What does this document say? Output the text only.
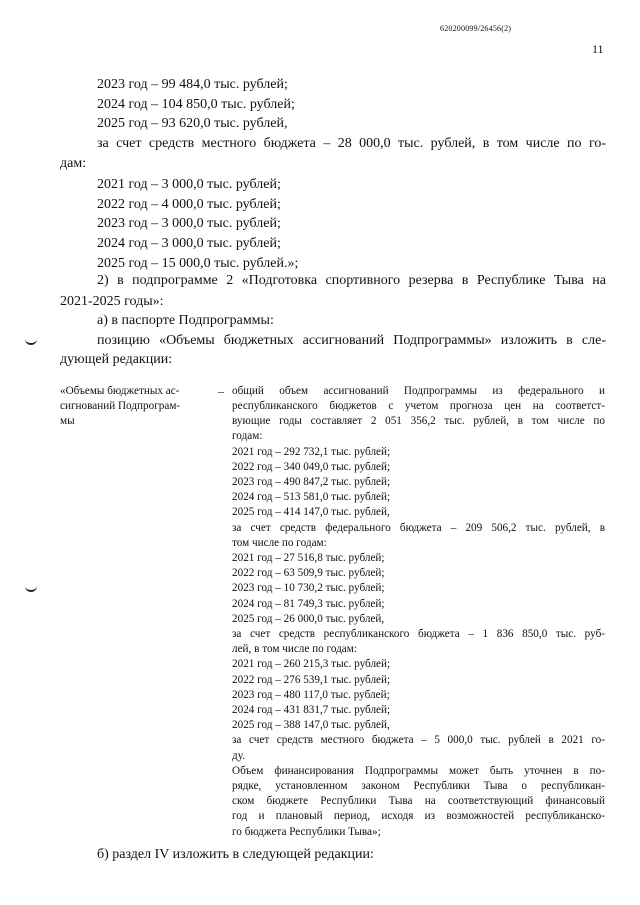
620200099/26456(2)
11
2023 год – 99 484,0 тыс. рублей;
2024 год – 104 850,0 тыс. рублей;
2025 год – 93 620,0 тыс. рублей,
за счет средств местного бюджета – 28 000,0 тыс. рублей, в том числе по го-
дам:
2021 год – 3 000,0 тыс. рублей;
2022 год – 4 000,0 тыс. рублей;
2023 год – 3 000,0 тыс. рублей;
2024 год – 3 000,0 тыс. рублей;
2025 год – 15 000,0 тыс. рублей.»;
2) в подпрограмме 2 «Подготовка спортивного резерва в Республике Тыва на
2021-2025 годы»:
а) в паспорте Подпрограммы:
позицию «Объемы бюджетных ассигнований Подпрограммы» изложить в сле-
дующей редакции:
«Объемы бюджетных ас-
сигнований Подпрограм-
мы
– общий объем ассигнований Подпрограммы из федерального и
республиканского бюджетов с учетом прогноза цен на соответст-
вующие годы составляет 2 051 356,2 тыс. рублей, в том числе по
годам:
2021 год – 292 732,1 тыс. рублей;
2022 год – 340 049,0 тыс. рублей;
2023 год – 490 847,2 тыс. рублей;
2024 год – 513 581,0 тыс. рублей;
2025 год – 414 147,0 тыс. рублей,
за счет средств федерального бюджета – 209 506,2 тыс. рублей, в
том числе по годам:
2021 год – 27 516,8 тыс. рублей;
2022 год – 63 509,9 тыс. рублей;
2023 год – 10 730,2 тыс. рублей;
2024 год – 81 749,3 тыс. рублей;
2025 год – 26 000,0 тыс. рублей,
за счет средств республиканского бюджета – 1 836 850,0 тыс. руб-
лей, в том числе по годам:
2021 год – 260 215,3 тыс. рублей;
2022 год – 276 539,1 тыс. рублей;
2023 год – 480 117,0 тыс. рублей;
2024 год – 431 831,7 тыс. рублей;
2025 год – 388 147,0 тыс. рублей,
за счет средств местного бюджета – 5 000,0 тыс. рублей в 2021 го-
ду.
Объем финансирования Подпрограммы может быть уточнен в по-
рядке, установленном законом Республики Тыва о республикан-
ском бюджете Республики Тыва на соответствующий финансовый
год и плановый период, исходя из возможностей республиканско-
го бюджета Республики Тыва»;
б) раздел IV изложить в следующей редакции:
